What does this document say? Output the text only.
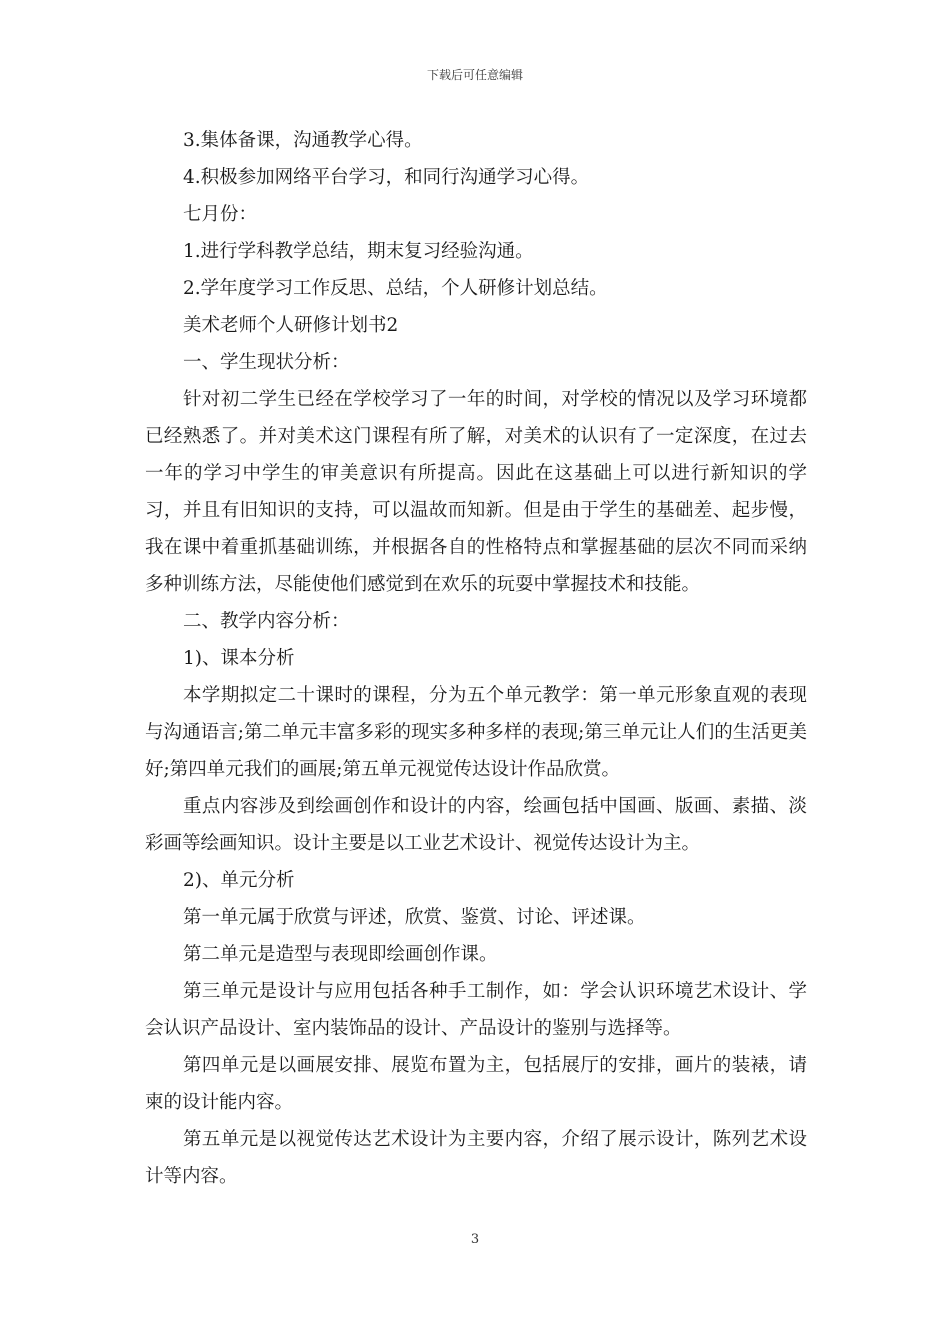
下载后可任意编辑

3.集体备课，沟通教学心得。

4.积极参加网络平台学习，和同行沟通学习心得。

七月份：

1.进行学科教学总结，期末复习经验沟通。

2.学年度学习工作反思、总结，个人研修计划总结。

美术老师个人研修计划书2

一、学生现状分析：

针对初二学生已经在学校学习了一年的时间，对学校的情况以及学习环境都已经熟悉了。并对美术这门课程有所了解，对美术的认识有了一定深度，在过去一年的学习中学生的审美意识有所提高。因此在这基础上可以进行新知识的学习，并且有旧知识的支持，可以温故而知新。但是由于学生的基础差、起步慢，我在课中着重抓基础训练，并根据各自的性格特点和掌握基础的层次不同而采纳多种训练方法，尽能使他们感觉到在欢乐的玩耍中掌握技术和技能。

二、教学内容分析：

1)、课本分析

本学期拟定二十课时的课程，分为五个单元教学：第一单元形象直观的表现与沟通语言;第二单元丰富多彩的现实多种多样的表现;第三单元让人们的生活更美好;第四单元我们的画展;第五单元视觉传达设计作品欣赏。

重点内容涉及到绘画创作和设计的内容，绘画包括中国画、版画、素描、淡彩画等绘画知识。设计主要是以工业艺术设计、视觉传达设计为主。

2)、单元分析

第一单元属于欣赏与评述，欣赏、鉴赏、讨论、评述课。

第二单元是造型与表现即绘画创作课。

第三单元是设计与应用包括各种手工制作，如：学会认识环境艺术设计、学会认识产品设计、室内装饰品的设计、产品设计的鉴别与选择等。

第四单元是以画展安排、展览布置为主，包括展厅的安排，画片的装裱，请柬的设计能内容。

第五单元是以视觉传达艺术设计为主要内容，介绍了展示设计，陈列艺术设计等内容。

3
